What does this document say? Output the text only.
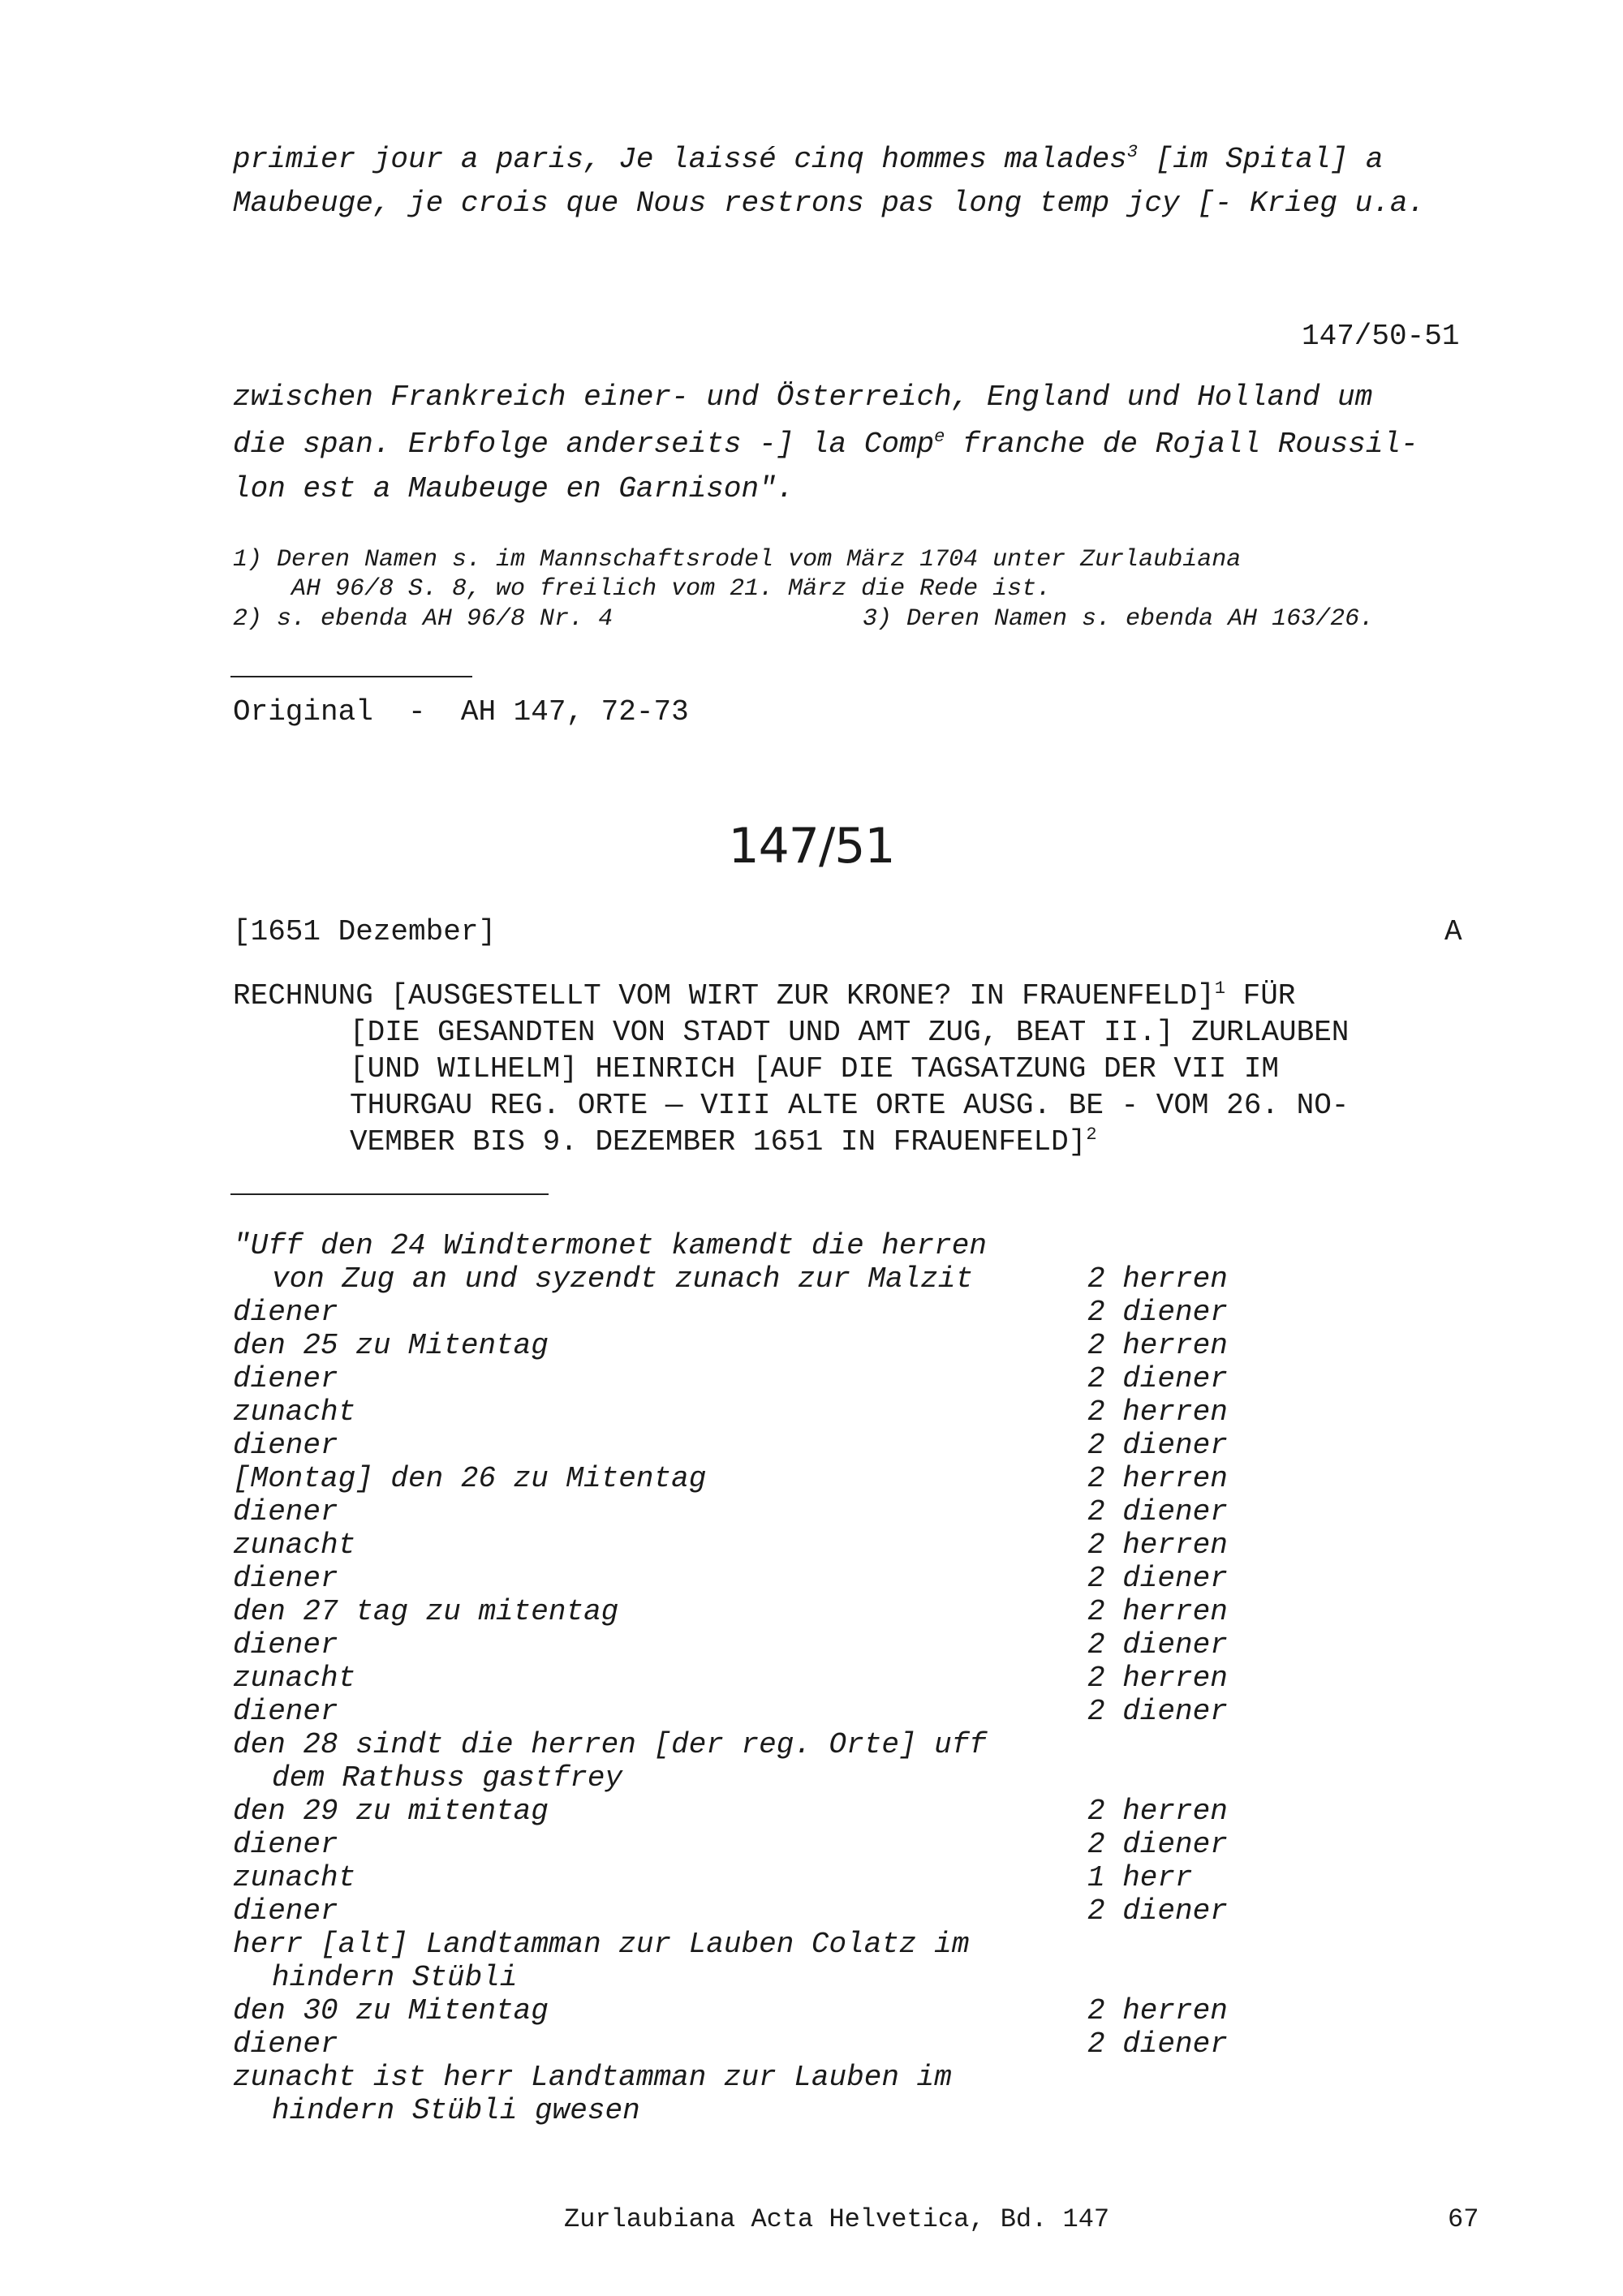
primier jour a paris, Je laissé cinq hommes malades$^3$ [im Spital] a
Maubeuge, je crois que Nous restrons pas long temp jcy [- Krieg u.a.
147/50-51
zwischen Frankreich einer- und Österreich, England und Holland um
die span. Erbfolge anderseits -] la Comp$^e$ franche de Rojall Roussil-
lon est a Maubeuge en Garnison".
1) Deren Namen s. im Mannschaftsrodel vom März 1704 unter Zurlaubiana
AH 96/8 S. 8, wo freilich vom 21. März die Rede ist.
2) s. ebenda AH 96/8 Nr. 4	3) Deren Namen s. ebenda AH 163/26.
Original  -  AH 147, 72-73
147/51
[1651 Dezember]	A
RECHNUNG [AUSGESTELLT VOM WIRT ZUR KRONE? IN FRAUENFELD]$^1$ FÜR
[DIE GESANDTEN VON STADT UND AMT ZUG, BEAT II.] ZURLAUBEN
[UND WILHELM] HEINRICH [AUF DIE TAGSATZUNG DER VII IM
THURGAU REG. ORTE — VIII ALTE ORTE AUSG. BE - VOM 26. NO-
VEMBER BIS 9. DEZEMBER 1651 IN FRAUENFELD]$^2$
"Uff den 24 Windtermonet kamendt die herren
von Zug an und syzendt zunach zur Malzit	2 herren
diener	2 diener
den 25 zu Mitentag	2 herren
diener	2 diener
zunacht	2 herren
diener	2 diener
[Montag] den 26 zu Mitentag	2 herren
diener	2 diener
zunacht	2 herren
diener	2 diener
den 27 tag zu mitentag	2 herren
diener	2 diener
zunacht	2 herren
diener	2 diener
den 28 sindt die herren [der reg. Orte] uff
dem Rathuss gastfrey
den 29 zu mitentag	2 herren
diener	2 diener
zunacht	1 herr
diener	2 diener
herr [alt] Landtamman zur Lauben Colatz im
hindern Stübli
den 30 zu Mitentag	2 herren
diener	2 diener
zunacht ist herr Landtamman zur Lauben im
hindern Stübli gwesen
Zurlaubiana Acta Helvetica, Bd. 147	67
